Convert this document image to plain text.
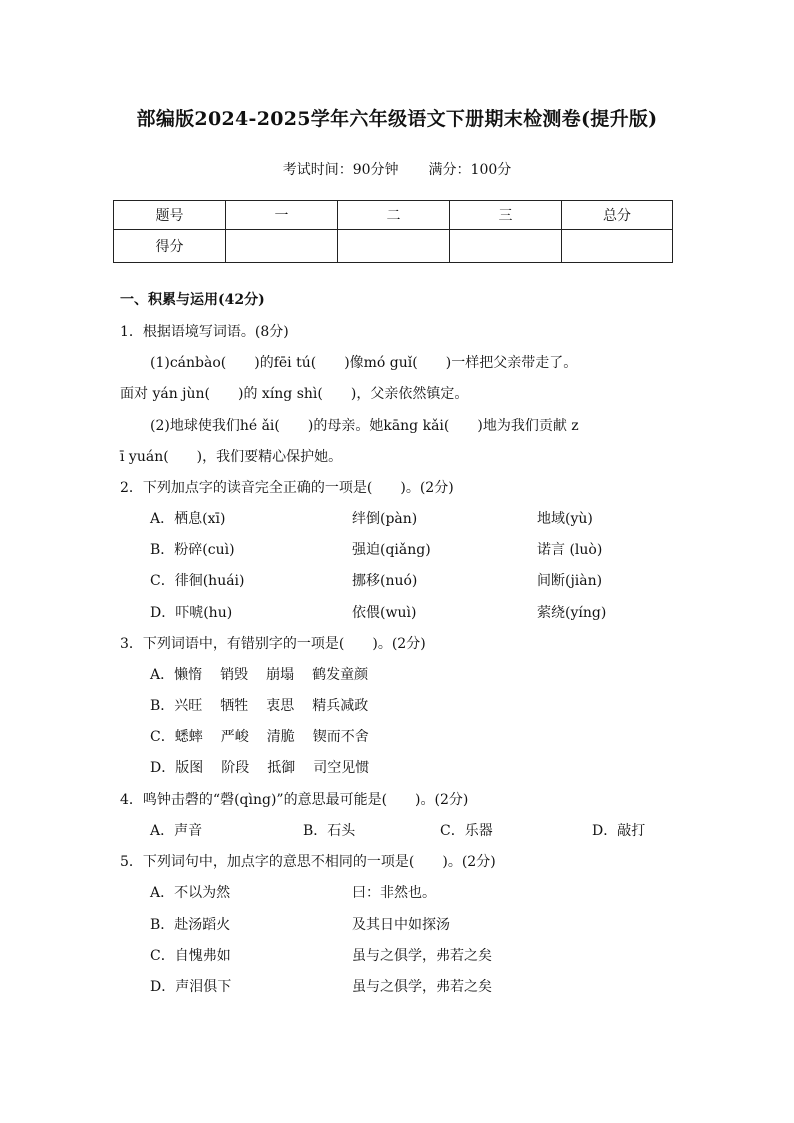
部编版2024-2025学年六年级语文下册期末检测卷(提升版)
考试时间：90分钟 满分：100分
题号	一	二	三	总分
得分				
一、积累与运用(42分)
1．根据语境写词语。(8分)
(1)cánbào(　　)的fēi tú(　　)像mó guǐ(　　)一样把父亲带走了。
面对 yán jùn(　　)的 xíng shì(　　)，父亲依然镇定。
(2)地球使我们hé ǎi(　　)的母亲。她kāng kǎi(　　)地为我们贡献 z
ī yuán(　　)，我们要精心保护她。
2．下列加点字的读音完全正确的一项是(　　)。(2分)
A．栖息(xī)	绊倒(pàn)	地域(yù)
B．粉碎(cuì)	强迫(qiǎng)	诺言 (luò)
C．徘徊(huái)	挪移(nuó)	间断(jiàn)
D．吓唬(hu)	依偎(wuì)	萦绕(yíng)
3．下列词语中，有错别字的一项是(　　)。(2分)
A．懒惰 销毁 崩塌 鹤发童颜
B．兴旺 牺牲 衷思 精兵减政
C．蟋蟀 严峻 清脆 锲而不舍
D．版图 阶段 抵御 司空见惯
4．鸣钟击磬的“磬(qìng)”的意思最可能是(　　)。(2分)
A．声音	B．石头	C．乐器	D．敲打
5．下列词句中，加点字的意思不相同的一项是(　　)。(2分)
A．不以为然	曰：非然也。
B．赴汤蹈火	及其日中如探汤
C．自愧弗如	虽与之俱学，弗若之矣
D．声泪俱下	虽与之俱学，弗若之矣
